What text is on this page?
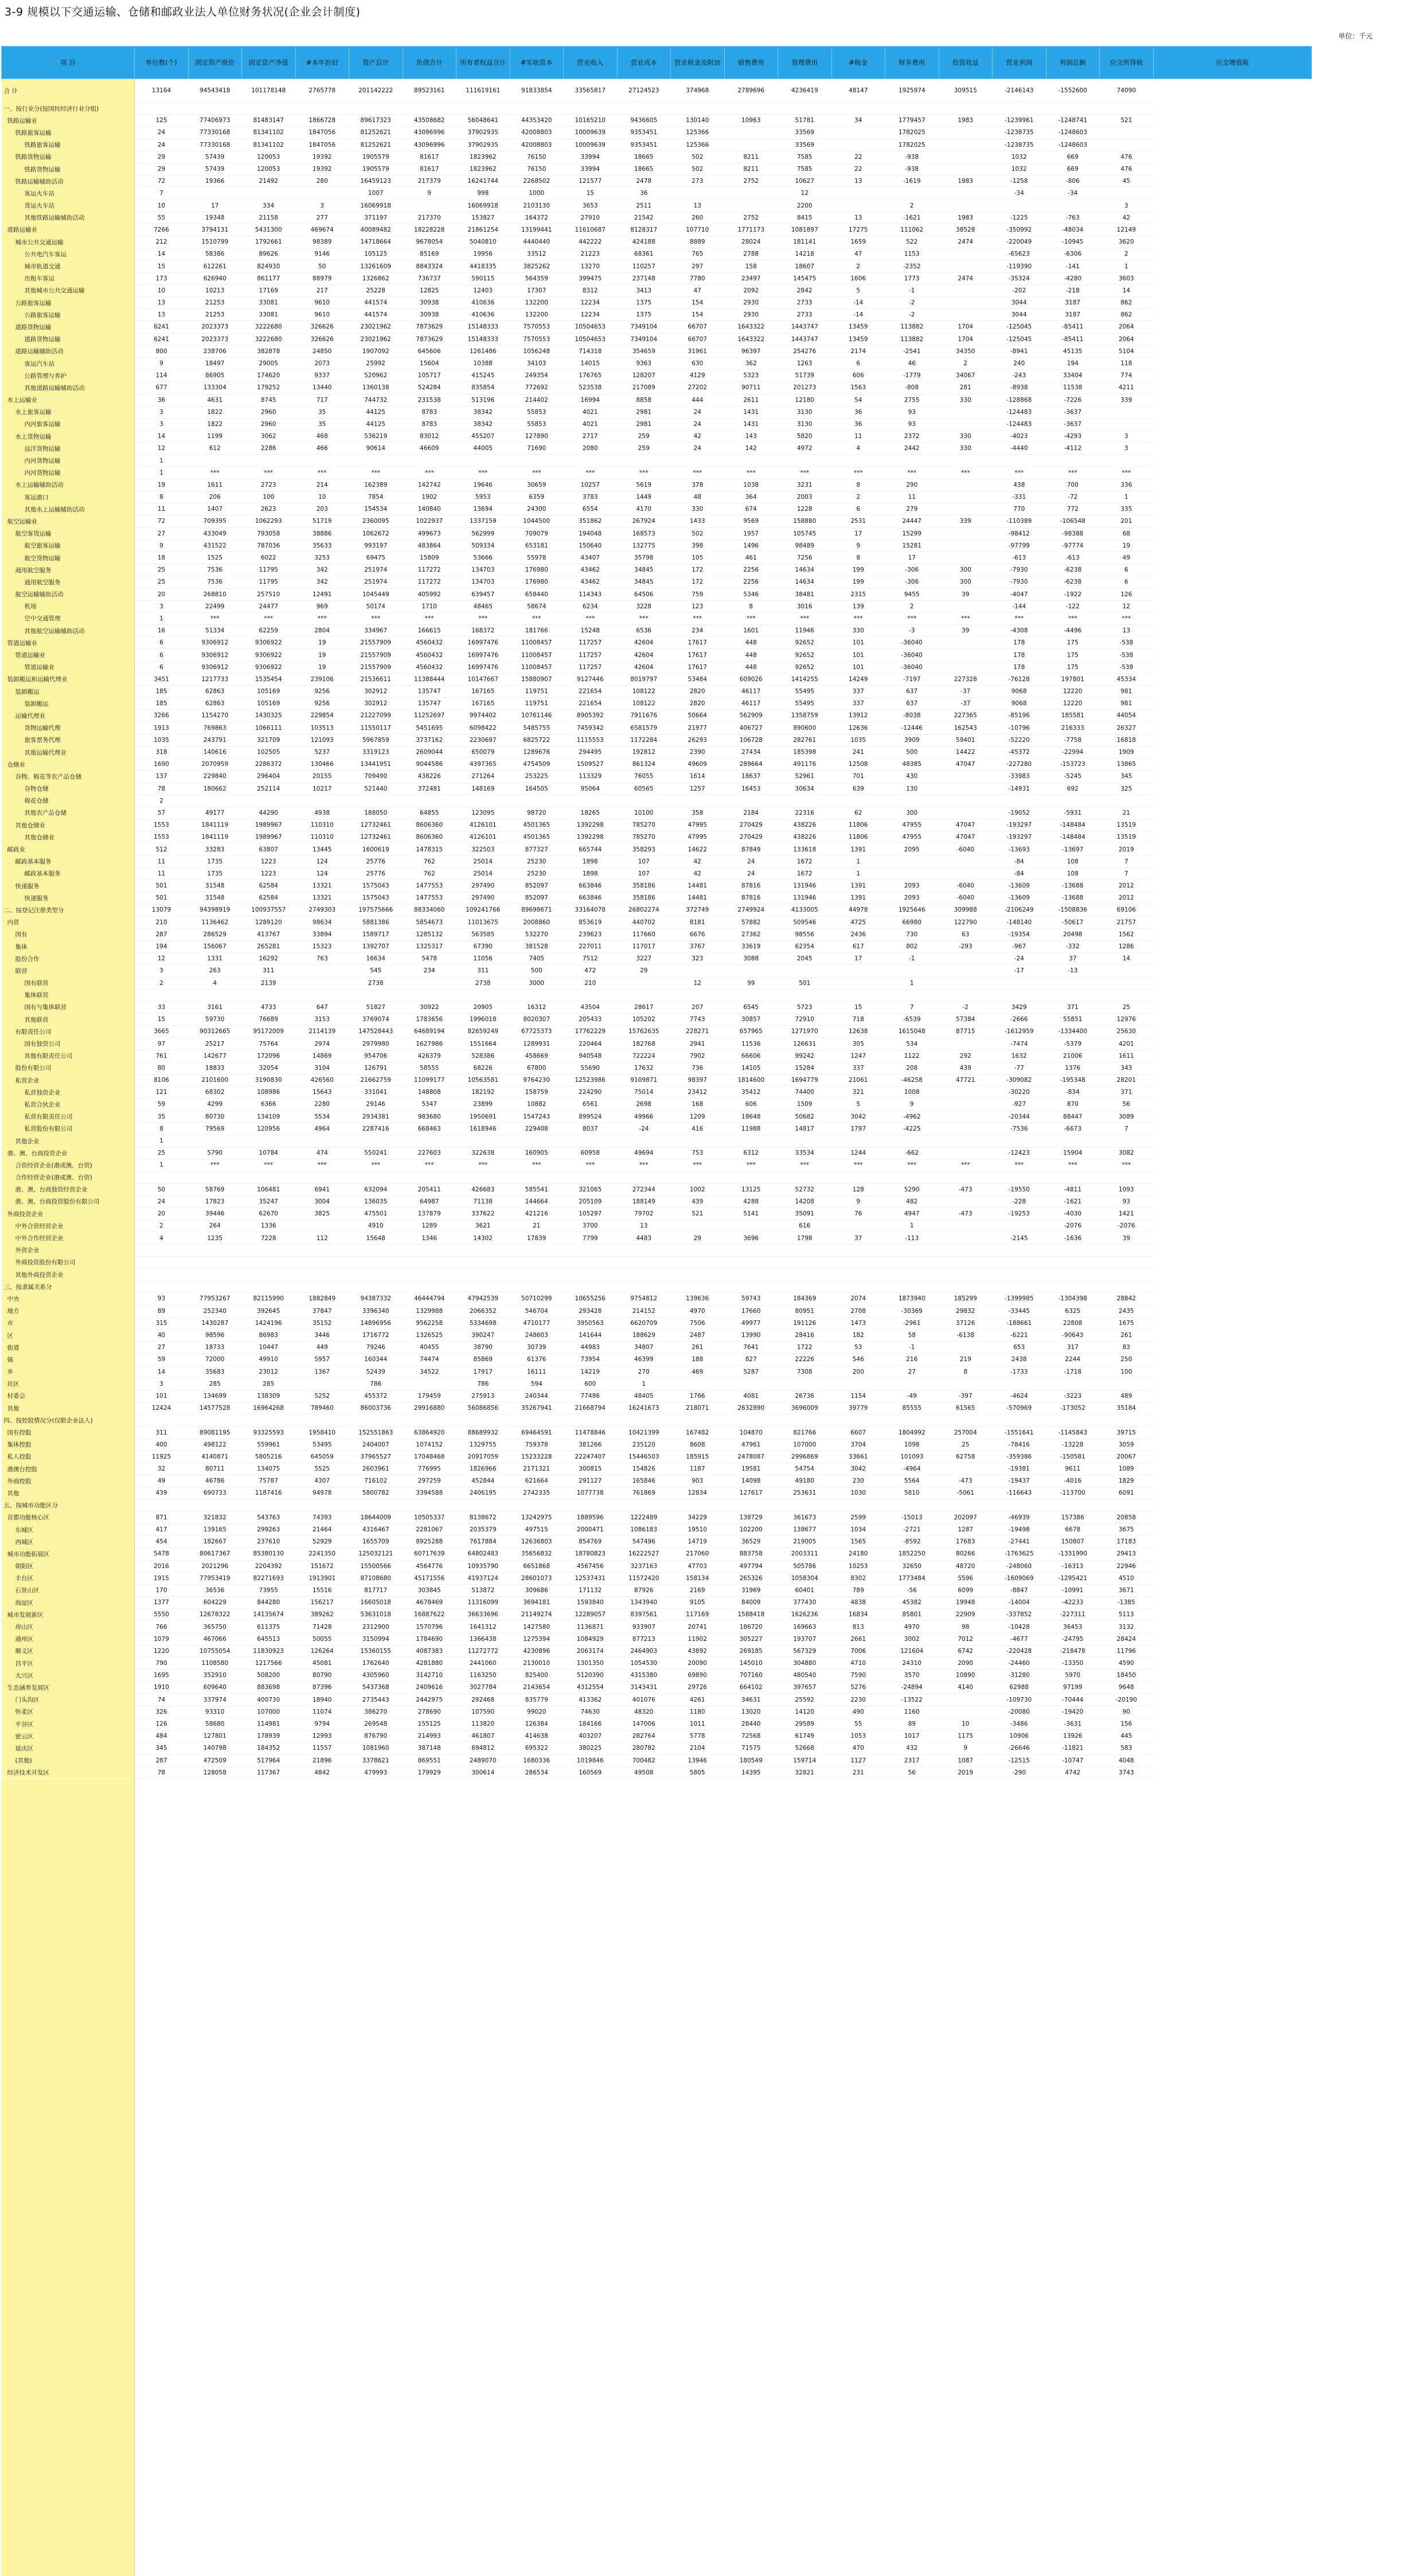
3-9 规模以下交通运输、仓储和邮政业法人单位财务状况(企业会计制度)
单位：千元
项 目	单位数(个)	固定资产原价	固定资产净值	#本年折旧	资产总计	负债合计	所有者权益合计	#实收资本	营业收入	营业成本	营业税金及附加	销售费用	管理费用	#税金	财务费用	投资收益	营业利润	利润总额	应交所得税	应交增值税
合 计	13164	94543418	101178148	2765778	201142222	89523161	111619161	91833854	33565817	27124523	374968	2789696	4236419	48147	1925974	309515	-2146143	-1552600	74090	
一、按行业分(按国民经济行业分组)																				
铁路运输业	125	77406973	81483147	1866728	89617323	43508682	56048641	44353420	10165210	9436605	130140	10963	51781	34	1779457	1983	-1239961	-1248741	521	
铁路旅客运输	24	77330168	81341102	1847056	81252621	43096996	37902935	42008803	10009639	9353451	125366		33569		1782025		-1238735	-1248603		
铁路旅客运输	24	77330168	81341102	1847056	81252621	43096996	37902935	42008803	10009639	9353451	125366		33569		1782025		-1238735	-1248603		
铁路货物运输	29	57439	120053	19392	1905579	81617	1823962	76150	33994	18665	502	8211	7585	22	-938		1032	669	476	
铁路货物运输	29	57439	120053	19392	1905579	81617	1823962	76150	33994	18665	502	8211	7585	22	-938		1032	669	476	
铁路运输辅助活动	72	19366	21492	280	16459123	217379	16241744	2268502	121577	2478	273	2752	10627	13	-1619	1983	-1258	-806	45	
客运火车站	7				1007	9	998	1000	15	36			12				-34	-34		
货运火车站	10	17	334	3	16069918		16069918	2103130	3653	2511	13		2200		2				3	
其他铁路运输辅助活动	55	19348	21158	277	371197	217370	153827	164372	27910	21542	260	2752	8415	13	-1621	1983	-1225	-763	42	
道路运输业	7266	3794131	5431300	469674	40089482	18228228	21861254	13199441	11610687	8128317	107710	1771173	1081897	17275	111062	38528	-350992	-48034	12149	
城市公共交通运输	212	1510799	1792661	98389	14718664	9678054	5040810	4440440	442222	424188	8889	28024	181141	1659	522	2474	-220049	-10945	3620	
公共电汽车客运	14	58386	89626	9146	105125	85169	19956	33512	21223	68361	765	2788	14218	47	1153		-65623	-6306	2	
城市轨道交通	15	612261	824930	50	13261609	8843324	4418335	3825262	13270	110257	297	158	18607	2	-2352		-119390	-141	1	
出租车客运	173	626940	861177	88979	1326862	736737	590115	564359	399475	237148	7780	23497	145475	1606	1773	2474	-35324	-4280	3603	
其他城市公共交通运输	10	10213	17169	217	25228	12825	12403	17307	8312	3413	47	2092	2842	5	-1		-202	-218	14	
公路旅客运输	13	21253	33081	9610	441574	30938	410636	132200	12234	1375	154	2930	2733	-14	-2		3044	3187	862	
公路旅客运输	13	21253	33081	9610	441574	30938	410636	132200	12234	1375	154	2930	2733	-14	-2		3044	3187	862	
道路货物运输	6241	2023373	3222680	326626	23021962	7873629	15148333	7570553	10504653	7349104	66707	1643322	1443747	13459	113882	1704	-125045	-85411	2064	
道路货物运输	6241	2023373	3222680	326626	23021962	7873629	15148333	7570553	10504653	7349104	66707	1643322	1443747	13459	113882	1704	-125045	-85411	2064	
道路运输辅助活动	800	238706	382878	24850	1907092	645606	1261486	1056248	714318	354659	31961	96397	254276	2174	-2541	34350	-8941	45135	5104	
客运汽车站	9	18497	29005	2073	25992	15604	10388	34103	14015	9363	630	362	1263	6	46	2	240	194	118	
公路管理与养护	114	86905	174620	9337	520962	105717	415245	249354	176765	128207	4129	5323	51739	606	-1779	34067	-243	33404	774	
其他道路运输辅助活动	677	133304	179252	13440	1360138	524284	835854	772692	523538	217089	27202	90711	201273	1563	-808	281	-8938	11538	4211	
水上运输业	36	4631	8745	717	744732	231538	513196	214402	16994	8858	444	2611	12180	54	2755	330	-128868	-7226	339	
水上旅客运输	3	1822	2960	35	44125	8783	38342	55853	4021	2981	24	1431	3130	36	93		-124483	-3637		
内河旅客运输	3	1822	2960	35	44125	8783	38342	55853	4021	2981	24	1431	3130	36	93		-124483	-3637		
水上货物运输	14	1199	3062	468	536219	83012	455207	127890	2717	259	42	143	5820	11	2372	330	-4023	-4293	3	
远洋货物运输	12	612	2286	466	90614	46609	44005	71690	2080	259	24	142	4972	4	2442	330	-4440	-4112	3	
内河货物运输	1																			
内河货物运输	1	***	***	***	***	***	***	***	***	***	***	***	***	***	***	***	***	***	***	
水上运输辅助活动	19	1611	2723	214	162389	142742	19646	30659	10257	5619	378	1038	3231	8	290		438	700	336	
客运港口	8	206	100	10	7854	1902	5953	6359	3783	1449	48	364	2003	2	11		-331	-72	1	
其他水上运输辅助活动	11	1407	2623	203	154534	140840	13694	24300	6554	4170	330	674	1228	6	279		770	772	335	
航空运输业	72	709395	1062293	51719	2360095	1022937	1337159	1044500	351862	267924	1433	9569	158880	2531	24447	339	-110389	-106548	201	
航空客货运输	27	433049	793058	38886	1062672	499673	562999	709079	194048	168573	502	1957	105745	17	15299		-98412	-98388	68	
航空旅客运输	9	431522	787036	35633	993197	483864	509334	653181	150640	132775	398	1496	98489	9	15281		-97799	-97774	19	
航空货物运输	18	1525	6022	3253	69475	15809	53666	55978	43407	35798	105	461	7256	8	17		-613	-613	49	
通用航空服务	25	7536	11795	342	251974	117272	134703	176980	43462	34845	172	2256	14634	199	-306	300	-7930	-6238	6	
通用航空服务	25	7536	11795	342	251974	117272	134703	176980	43462	34845	172	2256	14634	199	-306	300	-7930	-6238	6	
航空运输辅助活动	20	268810	257510	12491	1045449	405992	639457	658440	114343	64506	759	5346	38481	2315	9455	39	-4047	-1922	126	
机场	3	22499	24477	969	50174	1710	48465	58674	6234	3228	123	8	3016	139	2		-144	-122	12	
空中交通管理	1	***	***	***	***	***	***	***	***	***	***	***	***	***	***	***	***	***	***	
其他航空运输辅助活动	16	51334	62259	2804	334967	166615	168372	181766	15248	6536	234	1601	11946	330	-3	39	-4308	-4496	13	
管道运输业	6	9306912	9306922	19	21557909	4560432	16997476	11008457	117257	42604	17617	448	92652	101	-36040		178	175	-538	
管道运输业	6	9306912	9306922	19	21557909	4560432	16997476	11008457	117257	42604	17617	448	92652	101	-36040		178	175	-538	
管道运输业	6	9306912	9306922	19	21557909	4560432	16997476	11008457	117257	42604	17617	448	92652	101	-36040		178	175	-538	
装卸搬运和运输代理业	3451	1217733	1535454	239106	21536611	11388444	10147667	15880907	9127446	8019797	53484	609026	1414255	14249	-7197	227328	-76128	197801	45334	
装卸搬运	185	62863	105169	9256	302912	135747	167165	119751	221654	108122	2820	46117	55495	337	637	-37	9068	12220	981	
装卸搬运	185	62863	105169	9256	302912	135747	167165	119751	221654	108122	2820	46117	55495	337	637	-37	9068	12220	981	
运输代理业	3266	1154270	1430325	229854	21227099	11252697	9974402	10761146	8905392	7911676	50664	562909	1358759	13912	-8038	227365	-85196	185581	44054	
货物运输代理	1913	769863	1066111	103513	11550117	5451695	6098422	5485755	7459342	6581579	21977	406727	890600	12636	-12446	162543	-10796	216333	26327	
旅客票务代理	1035	243791	321709	121093	5967859	3737162	2230697	6825722	1115553	1172284	26293	106728	282761	1035	3909	59401	-52220	-7758	16818	
其他运输代理业	318	140616	102505	5237	3319123	2609044	650079	1289676	294495	192812	2390	27434	185398	241	500	14422	-45372	-22994	1909	
仓储业	1690	2070959	2286372	130466	13441951	9044586	4397365	4754509	1509527	861324	49609	289664	491176	12508	48385	47047	-227280	-153723	13865	
谷物、棉花等农产品仓储	137	229840	296404	20155	709490	438226	271264	253225	113329	76055	1614	18637	52961	701	430		-33983	-5245	345	
谷物仓储	78	180662	252114	10217	521440	372481	148169	164505	95064	60565	1257	16453	30634	639	130		-14931	692	325	
棉花仓储	2																			
其他农产品仓储	57	49177	44290	4938	188050	64855	123095	98720	18265	10100	358	2184	22316	62	300		-19052	-5931	21	
其他仓储业	1553	1841119	1989967	110310	12732461	8606360	4126101	4501365	1392298	785270	47995	270429	438226	11806	47955	47047	-193297	-148484	13519	
其他仓储业	1553	1841119	1989967	110310	12732461	8606360	4126101	4501365	1392298	785270	47995	270429	438226	11806	47955	47047	-193297	-148484	13519	
邮政业	512	33283	63807	13445	1600619	1478315	322503	877327	665744	358293	14622	87849	133618	1391	2095	-6040	-13693	-13697	2019	
邮政基本服务	11	1735	1223	124	25776	762	25014	25230	1898	107	42	24	1672	1			-84	108	7	
邮政基本服务	11	1735	1223	124	25776	762	25014	25230	1898	107	42	24	1672	1			-84	108	7	
快递服务	501	31548	62584	13321	1575043	1477553	297490	852097	663846	358186	14481	87816	131946	1391	2093	-6040	-13609	-13688	2012	
快递服务	501	31548	62584	13321	1575043	1477553	297490	852097	663846	358186	14481	87816	131946	1391	2093	-6040	-13609	-13688	2012	
二、按登记注册类型分	13079	94398919	100937557	2749303	197575666	88334060	109241766	89698671	33164078	26802274	372749	2749924	4133005	44978	1925646	309988	-2106249	-1508836	69106	
内资	210	1136462	1289120	98634	5881386	5854673	11013675	2008860	853619	440702	8181	57882	509546	4725	66980	122790	-148140	-50617	21757	
国有	287	286529	413767	33894	1589717	1285132	563585	532270	239623	117660	6676	27362	98556	2436	730	63	-19354	20498	1562	
集体	194	156067	265281	15323	1392707	1325317	67390	381528	227011	117017	3767	33619	62354	617	802	-293	-967	-332	1286	
股份合作	12	1331	16292	763	16634	5478	11056	7405	7512	3227	323	3088	2045	17	-1		-24	37	14	
联营	3	263	311		545	234	311	500	472	29							-17	-13		
国有联营	2	4	2139		2738		2738	3000	210		12	99	501		1					
集体联营																				
国有与集体联营	33	3161	4733	647	51827	30922	20905	16312	43504	28617	207	6545	5723	15	7	-2	3429	371	25	
其他联营	15	59730	76689	3153	3769074	1783656	1996018	8020307	205433	105202	7743	30857	72910	718	-6539	57384	-2666	55851	12976	
有限责任公司	3665	90312665	95172009	2114139	147528443	64689194	82659249	67725373	17762229	15762635	228271	657965	1271970	12638	1615048	87715	-1612959	-1334400	25630	
国有独资公司	97	25217	75764	2974	2979980	1627986	1551664	1289931	220464	182768	2941	11536	126631	305	534		-7474	-5379	4201	
其他有限责任公司	761	142677	172096	14869	954706	426379	528386	458669	940548	722224	7902	66606	99242	1247	1122	292	1632	21006	1611	
股份有限公司	80	18833	32054	3104	126791	58555	68226	67800	55690	17632	736	14105	15284	337	208	439	-77	1376	343	
私营企业	8106	2101600	3190830	426560	21662759	11099177	10563581	9764230	12523986	9109871	98397	1814600	1694779	21061	-46258	47721	-309082	-195348	28201	
私营独资企业	121	68302	108986	15643	331041	148808	182192	158759	224290	75014	23412	35412	74400	321	1008		-30220	-834	371	
私营合伙企业	59	4299	6366	2280	29146	5347	23899	10882	6561	2698	168	606	1509	5	9		-927	870	56	
私营有限责任公司	35	80730	134109	5534	2934381	983680	1950691	1547243	899524	49966	1209	18648	50682	3042	-4962		-20344	88447	3089	
私营股份有限公司	8	79569	120956	4964	2287416	668463	1618946	229408	8037	-24	416	11988	14817	1797	-4225		-7536	-6673	7	
其他企业	1																			
港、澳、台商投资企业	25	5790	10784	474	550241	227603	322638	160905	60958	49694	753	6312	33534	1244	-662		-12423	15904	3082	
合资经营企业(港或澳、台资)	1	***	***	***	***	***	***	***	***	***	***	***	***	***	***	***	***	***	***	
合作经营企业(港或澳、台资)																				
港、澳、台商独资经营企业	50	58769	106481	6941	632094	205411	426683	585541	321065	272344	1002	13125	52732	128	5290	-473	-19550	-4811	1093	
港、澳、台商投资股份有限公司	24	17823	35247	3004	136035	64987	71138	144664	205109	188149	439	4288	14208	9	482		-228	-1621	93	
外商投资企业	20	39446	62670	3825	475501	137879	337622	421216	105297	79702	521	5141	35091	76	4947	-473	-19253	-4030	1421	
中外合资经营企业	2	264	1336		4910	1289	3621	21	3700	13			616		1			-2076	-2076	
中外合作经营企业	4	1235	7228	112	15648	1346	14302	17839	7799	4483	29	3696	1798	37	-113		-2145	-1636	39	
外资企业																				
外商投资股份有限公司																				
其他外商投资企业																				
三、按隶属关系分																				
中央	93	77953267	82115990	1882849	94387332	46444794	47942539	50710299	10655256	9754812	139636	59743	184369	2074	1873940	185299	-1399985	-1304398	28842	
地方	89	252340	392645	37847	3396340	1329988	2066352	546704	293428	214152	4970	17660	80951	2708	-30369	29832	-33445	6325	2435	
市	315	1430287	1424196	35152	14896956	9562258	5334698	4710177	3950563	6620709	7506	49977	191126	1473	-2961	37126	-188661	22808	1675	
区	40	98596	86983	3446	1716772	1326525	390247	248603	141644	188629	2487	13990	28416	182	58	-6138	-6221	-90643	261	
街道	27	18733	10447	449	79246	40455	38790	30739	44983	34807	261	7641	1722	53	-1		653	317	83	
镇	59	72000	49910	5957	160344	74474	85869	61376	73954	46399	188	827	22226	546	216	219	2438	2244	250	
乡	14	35683	23012	1367	52439	34522	17917	16111	14219	270	469	5287	7308	200	27	8	-1733	-1718	100	
社区	3	285	285		786		786	594	600	1										
村委会	101	134699	138309	5252	455372	179459	275913	240344	77486	48405	1766	4081	26736	1154	-49	-397	-4624	-3223	489	
其他	12424	14577528	16964268	789460	86003736	29916880	56086856	35267941	21668794	16241673	218071	2632890	3696009	39779	85555	61565	-570969	-173052	35184	
四、按控股情况分(仅限企业法人)																				
国有控股	311	89081195	93325593	1958410	152551863	63864920	88689932	69464591	11478846	10421399	167482	104870	821766	6607	1804992	257004	-1551641	-1145843	39715	
集体控股	400	498122	559961	53495	2404007	1074152	1329755	759378	381266	235120	8608	47961	107000	3704	1098	25	-78416	-13228	3059	
私人控股	11925	4140871	5805216	645059	37965527	17048468	20917059	15233228	22247407	15446503	185915	2478087	2996869	33661	101093	62758	-359386	-150581	20067	
港澳台控股	32	80711	134075	5525	2603961	776995	1826966	2171321	300815	154826	1187	19581	54754	3042	-4964		-19381	9611	1089	
外商控股	49	46786	75787	4307	716102	297259	452844	621664	291127	165846	903	14098	49180	230	5564	-473	-19437	-4016	1829	
其他	439	690733	1187416	94978	5800782	3394588	2406195	2742335	1077738	761869	12834	127617	253631	1030	5810	-5061	-116643	-113700	6091	
五、按城市功能区分																				
首都功能核心区	871	321832	543763	74393	18644009	10505337	8138672	13242975	1889596	1222489	34229	138729	361673	2599	-15013	202097	-46939	157386	20858	
东城区	417	139165	299263	21464	4316467	2281067	2035379	497515	2000471	1086183	19510	102200	138677	1034	-2721	1287	-19498	6678	3675	
西城区	454	182667	237610	52929	1655709	8925288	7617884	12636803	854769	547496	14719	36529	219005	1565	-8592	17683	-27441	150807	17183	
城市功能拓展区	5478	80617367	85380130	2241350	125032121	60717639	64802483	35656832	18780823	16222527	217060	883758	2003311	24180	1852250	80266	-1763625	-1331990	29413	
朝阳区	2016	2021296	2204392	151672	15500566	4564776	10935790	6651868	4567456	3237163	47703	497794	505786	10253	32650	48720	-248060	-16313	22946	
丰台区	1915	77953419	82271693	1913901	87108680	45171556	41937124	28601073	12537431	11572420	158134	265326	1058304	8302	1773484	5596	-1609069	-1295421	4510	
石景山区	170	36536	73955	15516	817717	303845	513872	309686	171132	87926	2169	31969	60401	789	-56	6099	-8847	-10991	3671	
海淀区	1377	604229	844280	156217	16605018	4678469	11316099	3694181	1593840	1343940	9105	84009	377430	4838	45382	19948	-14004	-42233	-1385	
城市发展新区	5550	12678322	14135674	389262	53631018	16887622	36633696	21149274	12289057	8397561	117169	1588418	1626236	16834	85801	22909	-337852	-227311	5113	
房山区	766	365750	611375	71428	2312900	1570796	1641312	1427580	1136871	933907	20741	186720	169663	813	4970	98	-10428	36453	3132	
通州区	1079	467066	645513	50055	3150994	1784690	1366438	1275394	1084929	877213	11902	305227	193707	2661	3002	7012	-4677	-24795	28424	
顺义区	1220	10755054	11830923	126264	15360155	4087383	11272772	4230896	2063174	2464903	43892	269185	567329	7006	121604	6742	-220428	-218478	11796	
昌平区	790	1108580	1217566	45081	1762640	4281880	2441060	2130010	1301350	1054530	20090	145010	304880	4710	24310	2090	-24460	-13350	4590	
大兴区	1695	352910	508200	80790	4305960	3142710	1163250	825400	5120390	4315380	69890	707160	480540	7590	3570	10890	-31280	5970	18450	
生态涵养发展区	1910	609640	883698	87396	5437368	2409616	3027784	2143654	4312554	3143431	29726	664102	397657	5276	-24894	4140	62988	97199	9648	
门头沟区	74	337974	400730	18940	2735443	2442975	292468	835779	413362	401076	4261	34631	25592	2230	-13522		-109730	-70444	-20190	
怀柔区	326	93310	107000	11074	386270	278690	107590	99020	74630	48320	1180	13020	14120	490	1160		-20080	-19420	90	
平谷区	126	58680	114981	9794	269548	155125	113820	126384	184166	147006	1011	28440	29589	55	89	10	-3486	-3631	156	
密云区	484	127801	178939	12993	876790	214993	461807	414638	403207	282764	5778	72568	61749	1053	1017	1175	10906	13926	445	
延庆区	345	140798	184352	11557	1081960	387148	694812	695322	380225	280782	2104	71575	52668	470	432	9	-26646	-11821	583	
(其他)	287	472509	517964	21896	3378621	869551	2489070	1680336	1019846	700482	13946	180549	159714	1127	2317	1087	-12515	-10747	4048	
经济技术开发区	78	128058	117367	4842	479993	179929	300614	286534	160569	49508	5805	14395	32821	231	56	2019	-290	4742	3743	
